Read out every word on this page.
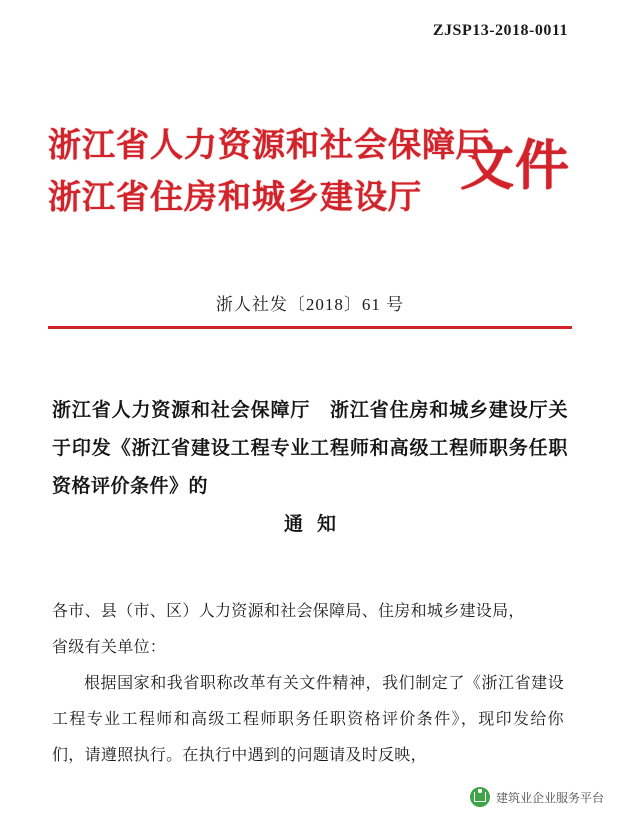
ZJSP13-2018-0011
浙江省人力资源和社会保障厅
浙江省住房和城乡建设厅
文件
浙人社发〔2018〕61 号
浙江省人力资源和社会保障厅　浙江省住房和城乡建设厅关于印发《浙江省建设工程专业工程师和高级工程师职务任职资格评价条件》的
通知

各市、县（市、区）人力资源和社会保障局、住房和城乡建设局，

省级有关单位：

根据国家和我省职称改革有关文件精神，我们制定了《浙江省建设工程专业工程师和高级工程师职务任职资格评价条件》，现印发给你们，请遵照执行。在执行中遇到的问题请及时反映，

建筑业企业服务平台
